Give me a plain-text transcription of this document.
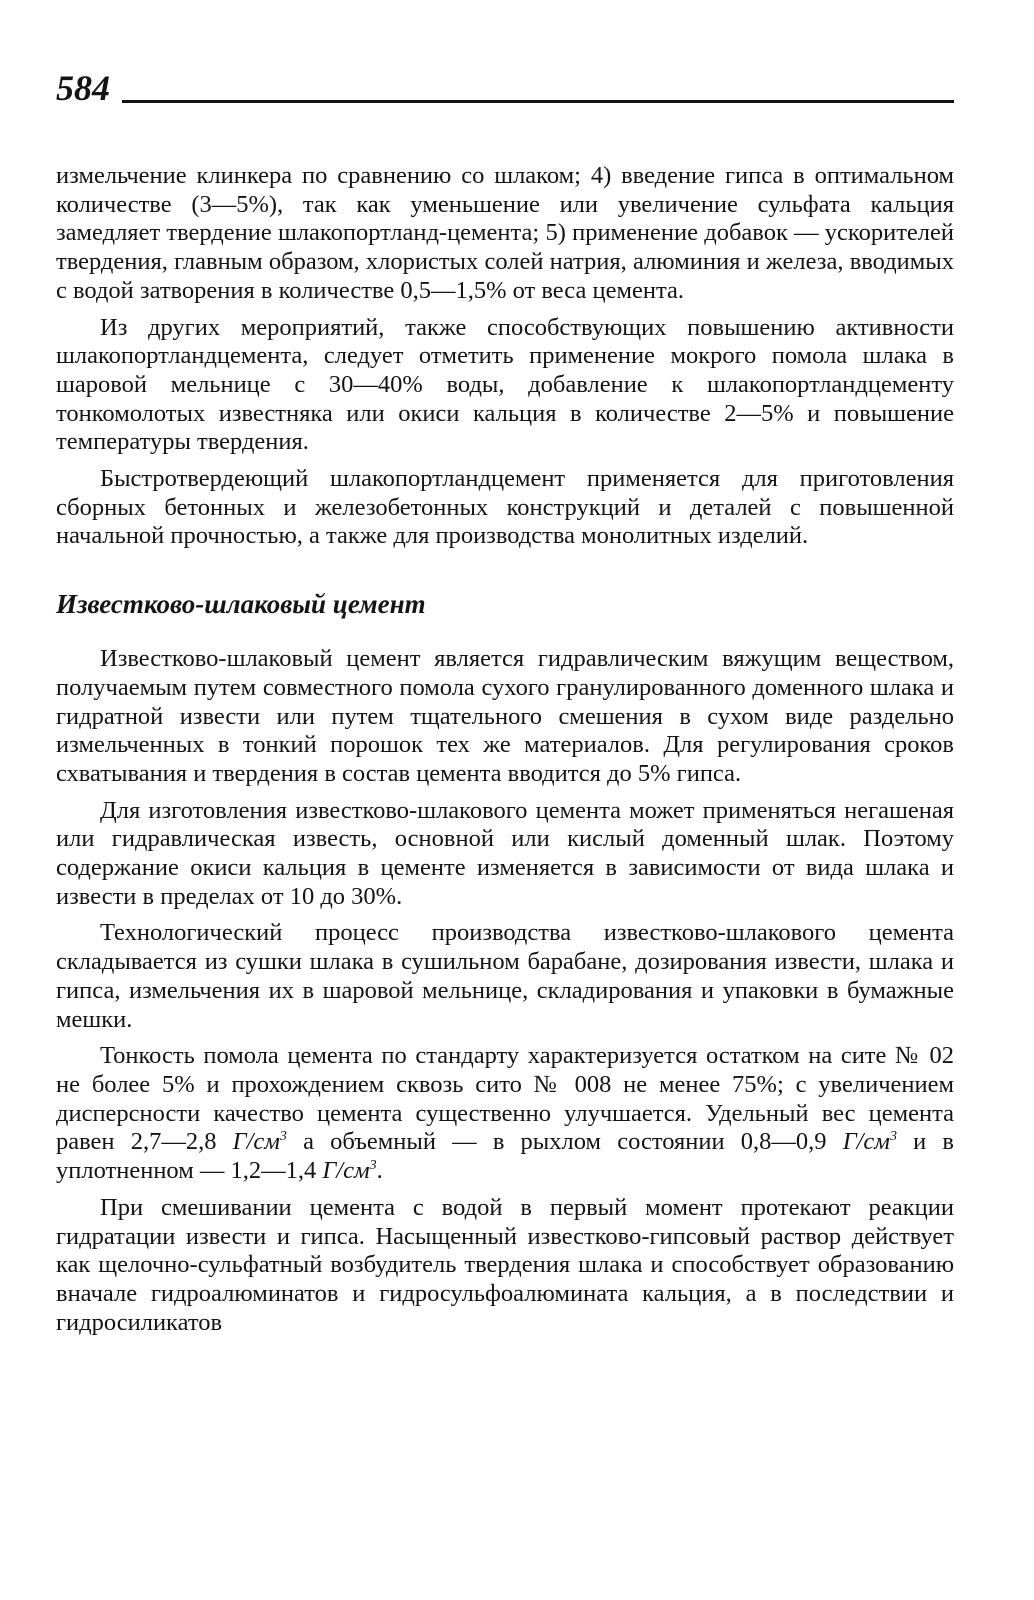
584

измельчение клинкера по сравнению со шлаком; 4) введение гипса в оптимальном количестве (3—5%), так как уменьшение или увеличение сульфата кальция замедляет твердение шлакопортланд-цемента; 5) применение добавок — ускорителей твердения, главным образом, хлористых солей натрия, алюминия и железа, вводимых с водой затворения в количестве 0,5—1,5% от веса цемента.

Из других мероприятий, также способствующих повышению активности шлакопортландцемента, следует отметить применение мокрого помола шлака в шаровой мельнице с 30—40% воды, добавление к шлакопортландцементу тонкомолотых известняка или окиси кальция в количестве 2—5% и повышение температуры твердения.

Быстротвердеющий шлакопортландцемент применяется для приготовления сборных бетонных и железобетонных конструкций и деталей с повышенной начальной прочностью, а также для производства монолитных изделий.

Известково-шлаковый цемент

Известково-шлаковый цемент является гидравлическим вяжущим веществом, получаемым путем совместного помола сухого гранулированного доменного шлака и гидратной извести или путем тщательного смешения в сухом виде раздельно измельченных в тонкий порошок тех же материалов. Для регулирования сроков схватывания и твердения в состав цемента вводится до 5% гипса.

Для изготовления известково-шлакового цемента может применяться негашеная или гидравлическая известь, основной или кислый доменный шлак. Поэтому содержание окиси кальция в цементе изменяется в зависимости от вида шлака и извести в пределах от 10 до 30%.

Технологический процесс производства известково-шлакового цемента складывается из сушки шлака в сушильном барабане, дозирования извести, шлака и гипса, измельчения их в шаровой мельнице, складирования и упаковки в бумажные мешки.

Тонкость помола цемента по стандарту характеризуется остатком на сите № 02 не более 5% и прохождением сквозь сито № 008 не менее 75%; с увеличением дисперсности качество цемента существенно улучшается. Удельный вес цемента равен 2,7—2,8 $Г/см^3$ а объемный — в рыхлом состоянии 0,8—0,9 $Г/см^3$ и в уплотненном — 1,2—1,4 $Г/см^3$.

При смешивании цемента с водой в первый момент протекают реакции гидратации извести и гипса. Насыщенный известково-гипсовый раствор действует как щелочно-сульфатный возбудитель твердения шлака и способствует образованию вначале гидроалюминатов и гидросульфоалюмината кальция, а в последствии и гидросиликатов
